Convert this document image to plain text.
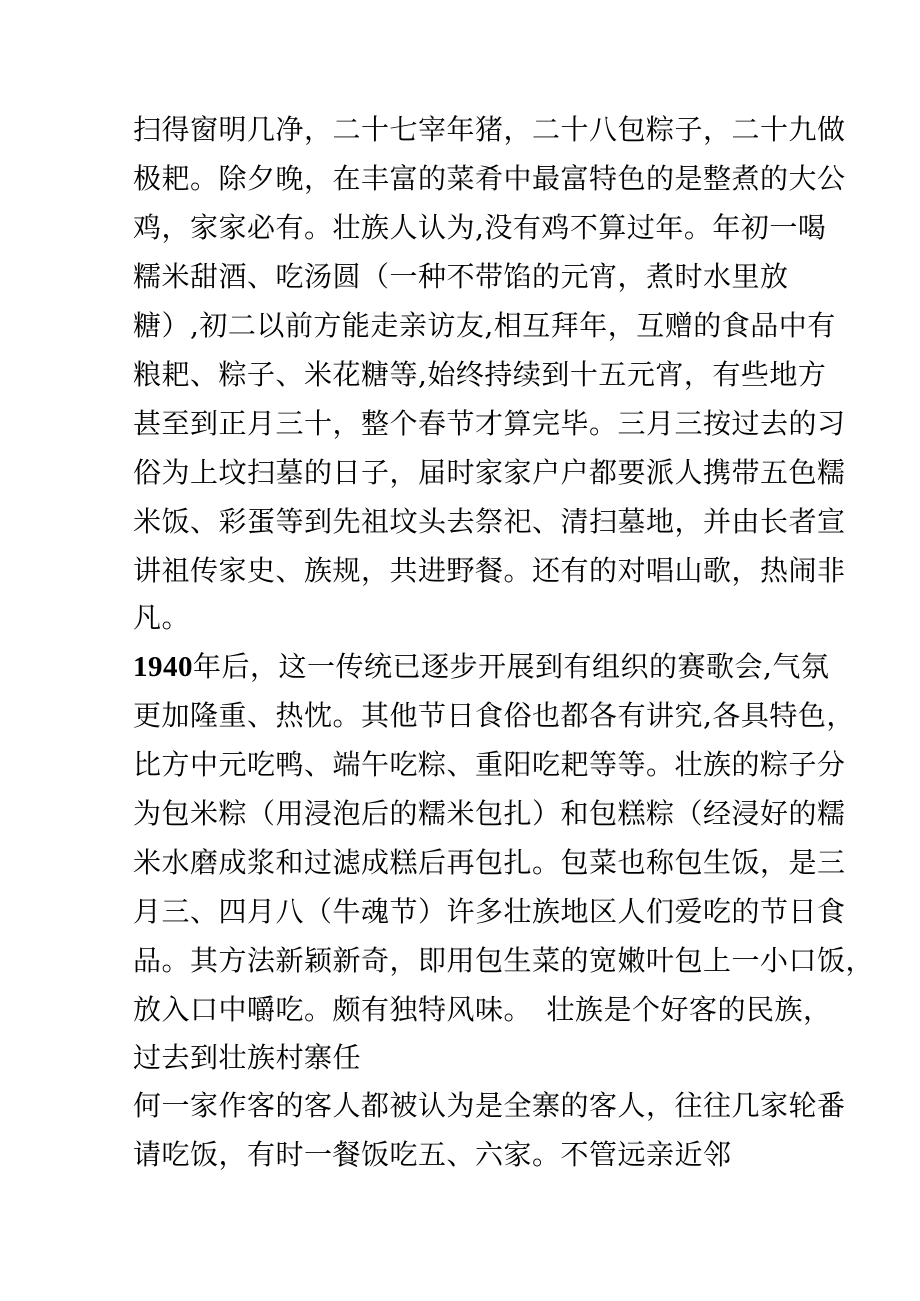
扫得窗明几净，二十七宰年猪，二十八包粽子，二十九做
极耙。除夕晚，在丰富的菜肴中最富特色的是整煮的大公
鸡，家家必有。壮族人认为,没有鸡不算过年。年初一喝
糯米甜酒、吃汤圆（一种不带馅的元宵，煮时水里放
糖）,初二以前方能走亲访友,相互拜年，互赠的食品中有
粮耙、粽子、米花糖等,始终持续到十五元宵，有些地方
甚至到正月三十，整个春节才算完毕。三月三按过去的习
俗为上坟扫墓的日子，届时家家户户都要派人携带五色糯
米饭、彩蛋等到先祖坟头去祭祀、清扫墓地，并由长者宣
讲祖传家史、族规，共进野餐。还有的对唱山歌，热闹非
凡。
1940年后，这一传统已逐步开展到有组织的赛歌会,气氛
更加隆重、热忱。其他节日食俗也都各有讲究,各具特色，
比方中元吃鸭、端午吃粽、重阳吃耙等等。壮族的粽子分
为包米粽（用浸泡后的糯米包扎）和包糕粽（经浸好的糯
米水磨成浆和过滤成糕后再包扎。包菜也称包生饭，是三
月三、四月八（牛魂节）许多壮族地区人们爱吃的节日食
品。其方法新颖新奇，即用包生菜的宽嫩叶包上一小口饭，
放入口中嚼吃。颇有独特风味。　壮族是个好客的民族，
过去到壮族村寨任
何一家作客的客人都被认为是全寨的客人，往往几家轮番
请吃饭，有时一餐饭吃五、六家。不管远亲近邻
